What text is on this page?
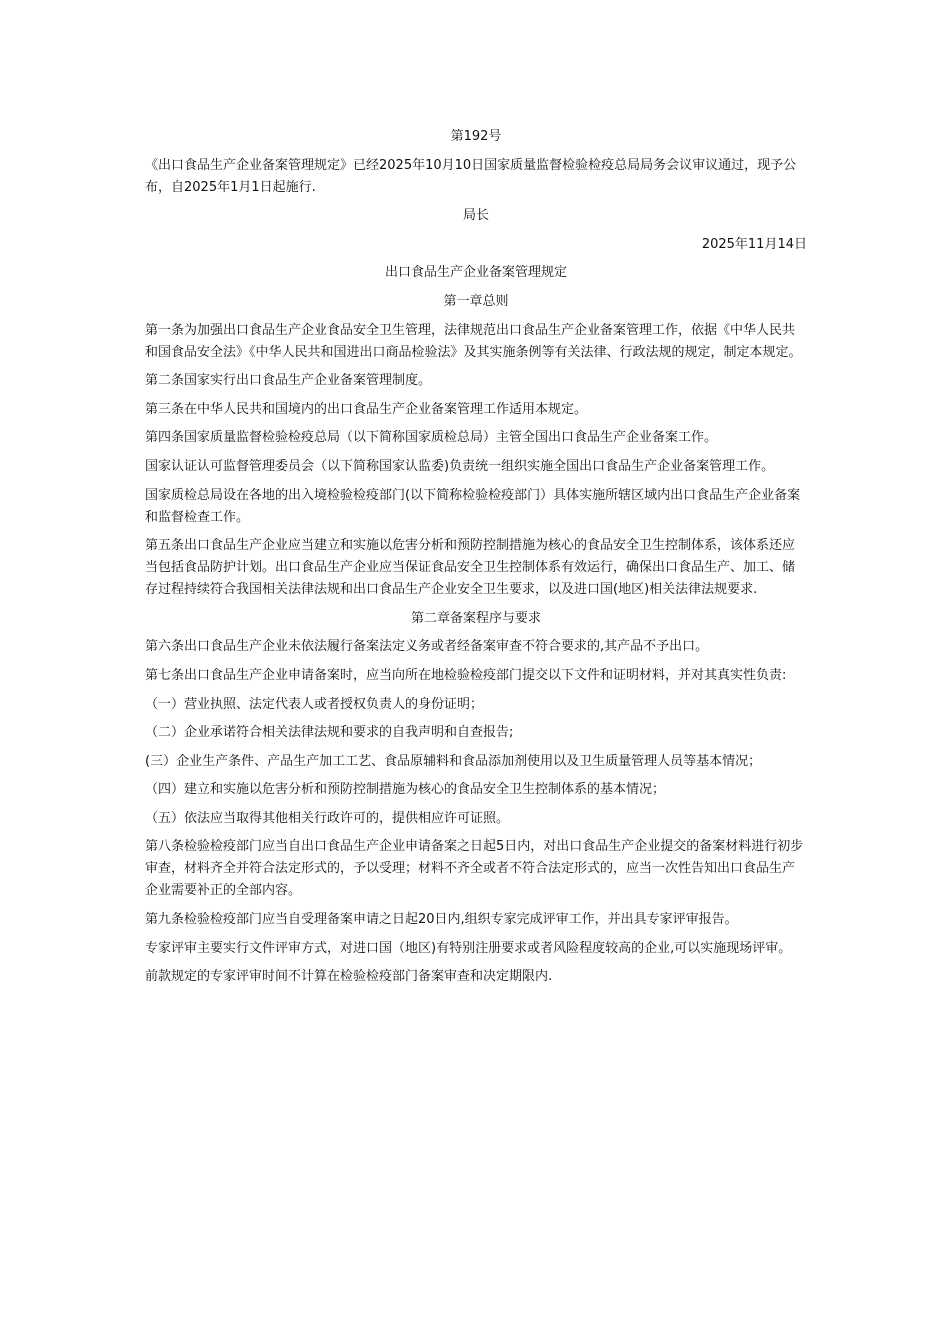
第192号
《出口食品生产企业备案管理规定》已经2025年10月10日国家质量监督检验检疫总局局务会议审议通过，现予公布，自2025年1月1日起施行.
局长
2025年11月14日
出口食品生产企业备案管理规定
第一章总则
第一条为加强出口食品生产企业食品安全卫生管理，法律规范出口食品生产企业备案管理工作，依据《中华人民共和国食品安全法》《中华人民共和国进出口商品检验法》及其实施条例等有关法律、行政法规的规定，制定本规定。
第二条国家实行出口食品生产企业备案管理制度。
第三条在中华人民共和国境内的出口食品生产企业备案管理工作适用本规定。
第四条国家质量监督检验检疫总局（以下简称国家质检总局）主管全国出口食品生产企业备案工作。
国家认证认可监督管理委员会（以下简称国家认监委)负责统一组织实施全国出口食品生产企业备案管理工作。
国家质检总局设在各地的出入境检验检疫部门(以下简称检验检疫部门）具体实施所辖区域内出口食品生产企业备案和监督检查工作。
第五条出口食品生产企业应当建立和实施以危害分析和预防控制措施为核心的食品安全卫生控制体系，该体系还应当包括食品防护计划。出口食品生产企业应当保证食品安全卫生控制体系有效运行，确保出口食品生产、加工、储存过程持续符合我国相关法律法规和出口食品生产企业安全卫生要求，以及进口国(地区)相关法律法规要求.
第二章备案程序与要求
第六条出口食品生产企业未依法履行备案法定义务或者经备案审查不符合要求的,其产品不予出口。
第七条出口食品生产企业申请备案时，应当向所在地检验检疫部门提交以下文件和证明材料，并对其真实性负责:
（一）营业执照、法定代表人或者授权负责人的身份证明；
（二）企业承诺符合相关法律法规和要求的自我声明和自查报告;
(三）企业生产条件、产品生产加工工艺、食品原辅料和食品添加剂使用以及卫生质量管理人员等基本情况；
（四）建立和实施以危害分析和预防控制措施为核心的食品安全卫生控制体系的基本情况；
（五）依法应当取得其他相关行政许可的，提供相应许可证照。
第八条检验检疫部门应当自出口食品生产企业申请备案之日起5日内，对出口食品生产企业提交的备案材料进行初步审查，材料齐全并符合法定形式的，予以受理；材料不齐全或者不符合法定形式的，应当一次性告知出口食品生产企业需要补正的全部内容。
第九条检验检疫部门应当自受理备案申请之日起20日内,组织专家完成评审工作，并出具专家评审报告。
专家评审主要实行文件评审方式，对进口国（地区)有特别注册要求或者风险程度较高的企业,可以实施现场评审。
前款规定的专家评审时间不计算在检验检疫部门备案审查和决定期限内.
